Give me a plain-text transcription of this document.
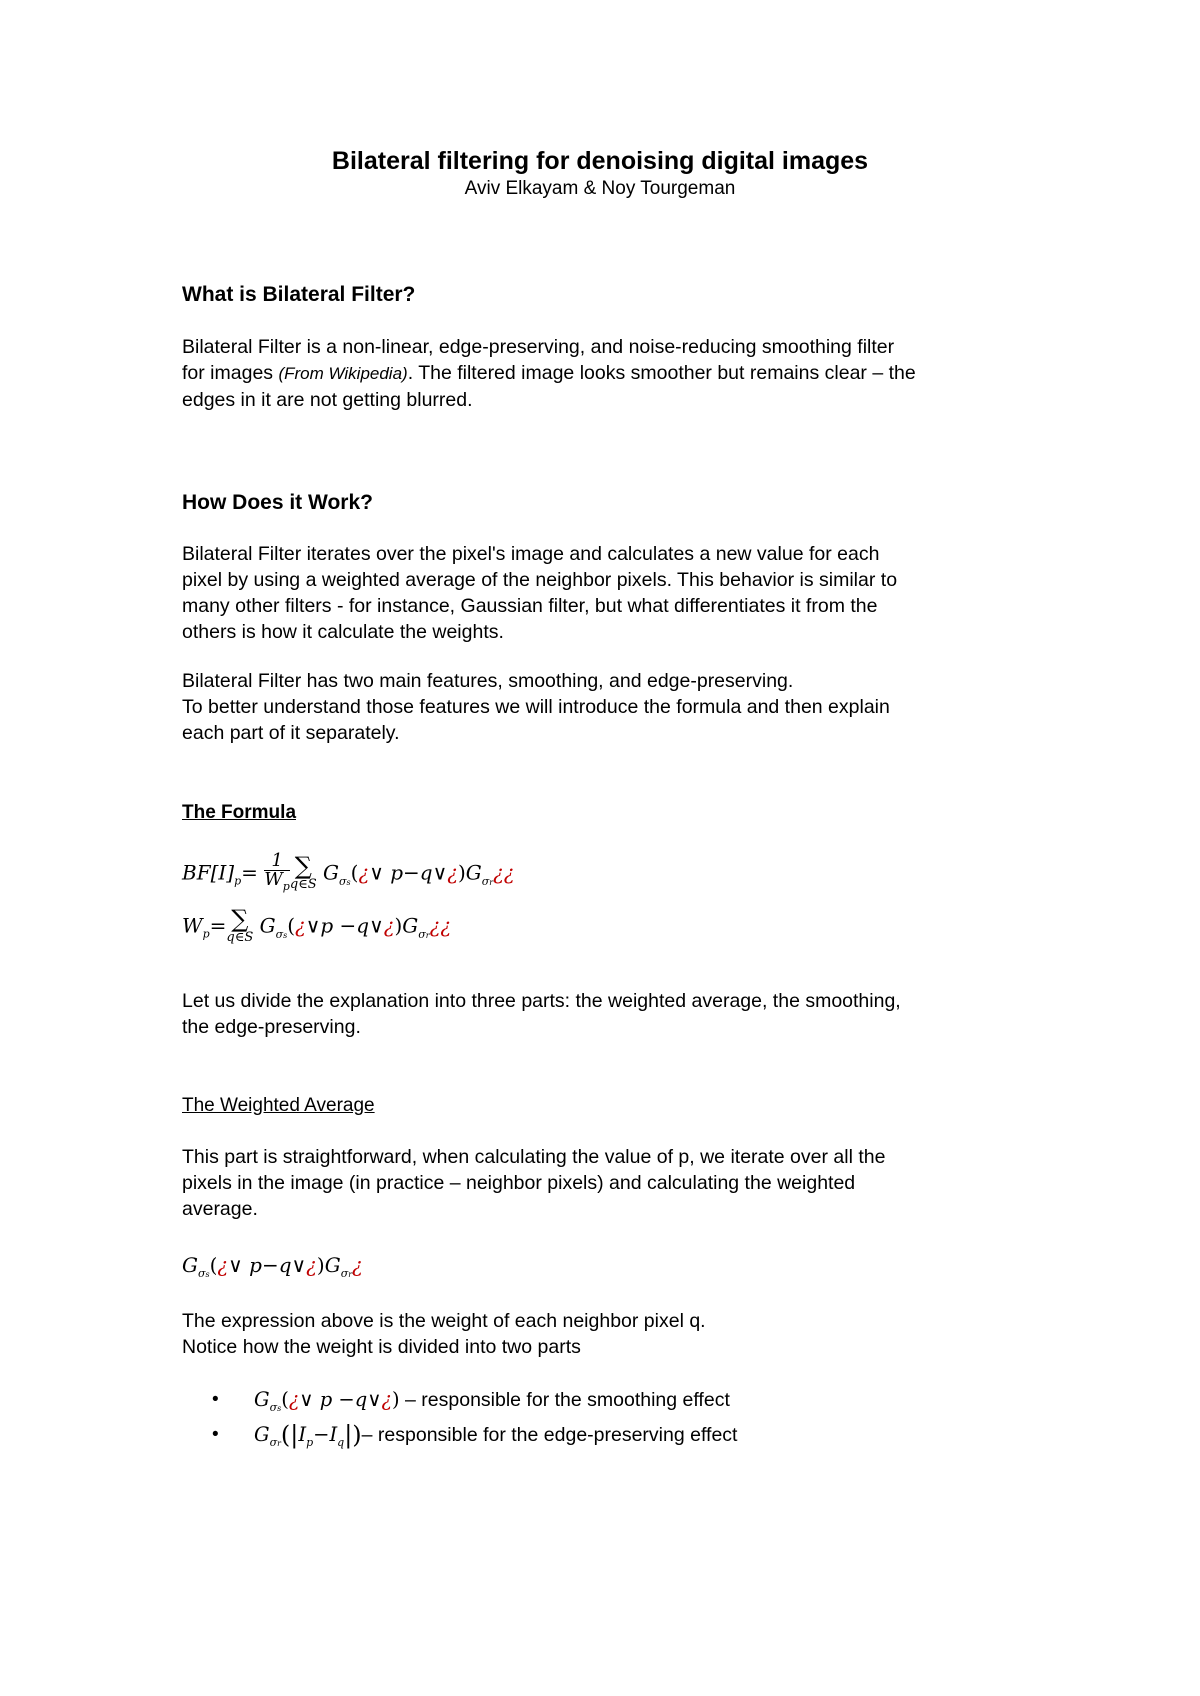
Bilateral filtering for denoising digital images
Aviv Elkayam & Noy Tourgeman
What is Bilateral Filter?
Bilateral Filter is a non-linear, edge-preserving, and noise-reducing smoothing filter
for images (From Wikipedia). The filtered image looks smoother but remains clear – the
edges in it are not getting blurred.
How Does it Work?
Bilateral Filter iterates over the pixel's image and calculates a new value for each
pixel by using a weighted average of the neighbor pixels. This behavior is similar to
many other filters - for instance, Gaussian filter, but what differentiates it from the
others is how it calculate the weights.
Bilateral Filter has two main features, smoothing, and edge-preserving.
To better understand those features we will introduce the formula and then explain
each part of it separately.
The Formula
$BF[I]_p= \frac{1}{W_p}$ ∑
q∈S $G_{\sigma s}(¿\vee$ $p-q\vee¿)G_{\sigma r}¿¿$
$W_p=$ ∑
q∈S $G_{\sigma s}(¿\vee p$ $-q\vee¿)G_{\sigma r}¿¿$
Let us divide the explanation into three parts: the weighted average, the smoothing,
the edge-preserving.
The Weighted Average
This part is straightforward, when calculating the value of p, we iterate over all the
pixels in the image (in practice – neighbor pixels) and calculating the weighted
average.
$G_{\sigma s}(¿\vee$ $p-q\vee¿)G_{\sigma r}¿$
The expression above is the weight of each neighbor pixel q.
Notice how the weight is divided into two parts
• $G_{\sigma s}(¿\vee$ p −q∨¿) – responsible for the smoothing effect
• $G_{\sigma r}(|I_p-I_q|)-$ responsible for the edge-preserving effect
